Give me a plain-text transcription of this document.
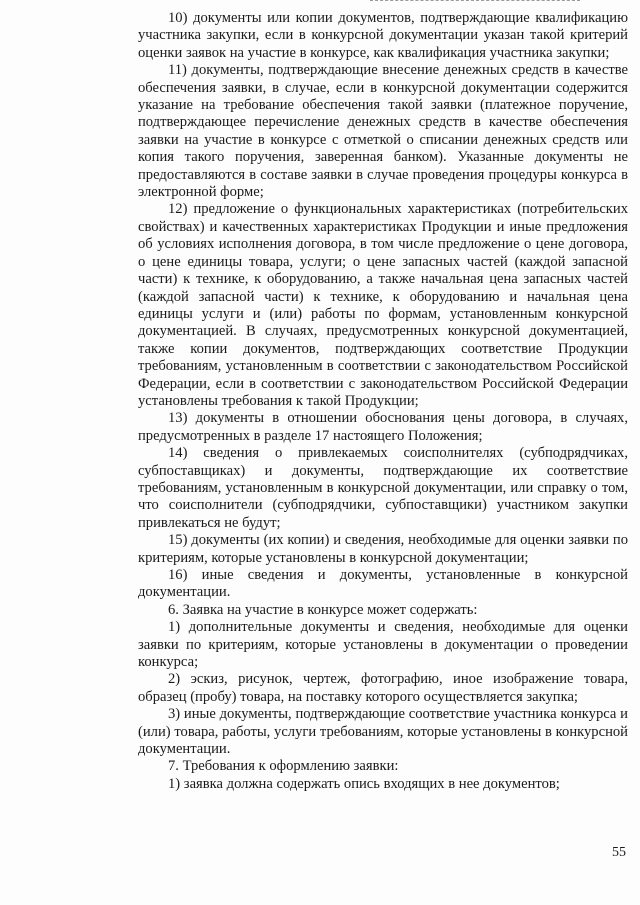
10) документы или копии документов, подтверждающие квалификацию участника закупки, если в конкурсной документации указан такой критерий оценки заявок на участие в конкурсе, как квалификация участника закупки;

11) документы, подтверждающие внесение денежных средств в качестве обеспечения заявки, в случае, если в конкурсной документации содержится указание на требование обеспечения такой заявки (платежное поручение, подтверждающее перечисление денежных средств в качестве обеспечения заявки на участие в конкурсе с отметкой о списании денежных средств или копия такого поручения, заверенная банком). Указанные документы не предоставляются в составе заявки в случае проведения процедуры конкурса в электронной форме;

12) предложение о функциональных характеристиках (потребительских свойствах) и качественных характеристиках Продукции и иные предложения об условиях исполнения договора, в том числе предложение о цене договора, о цене единицы товара, услуги; о цене запасных частей (каждой запасной части) к технике, к оборудованию, а также начальная цена запасных частей (каждой запасной части) к технике, к оборудованию и начальная цена единицы услуги и (или) работы по формам, установленным конкурсной документацией. В случаях, предусмотренных конкурсной документацией, также копии документов, подтверждающих соответствие Продукции требованиям, установленным в соответствии с законодательством Российской Федерации, если в соответствии с законодательством Российской Федерации установлены требования к такой Продукции;

13) документы в отношении обоснования цены договора, в случаях, предусмотренных в разделе 17 настоящего Положения;

14) сведения о привлекаемых соисполнителях (субподрядчиках, субпоставщиках) и документы, подтверждающие их соответствие требованиям, установленным в конкурсной документации, или справку о том, что соисполнители (субподрядчики, субпоставщики) участником закупки привлекаться не будут;

15) документы (их копии) и сведения, необходимые для оценки заявки по критериям, которые установлены в конкурсной документации;

16) иные сведения и документы, установленные в конкурсной документации.

6. Заявка на участие в конкурсе может содержать:

1) дополнительные документы и сведения, необходимые для оценки заявки по критериям, которые установлены в документации о проведении конкурса;

2) эскиз, рисунок, чертеж, фотографию, иное изображение товара, образец (пробу) товара, на поставку которого осуществляется закупка;

3) иные документы, подтверждающие соответствие участника конкурса и (или) товара, работы, услуги требованиям, которые установлены в конкурсной документации.

7. Требования к оформлению заявки:

1) заявка должна содержать опись входящих в нее документов;

55
